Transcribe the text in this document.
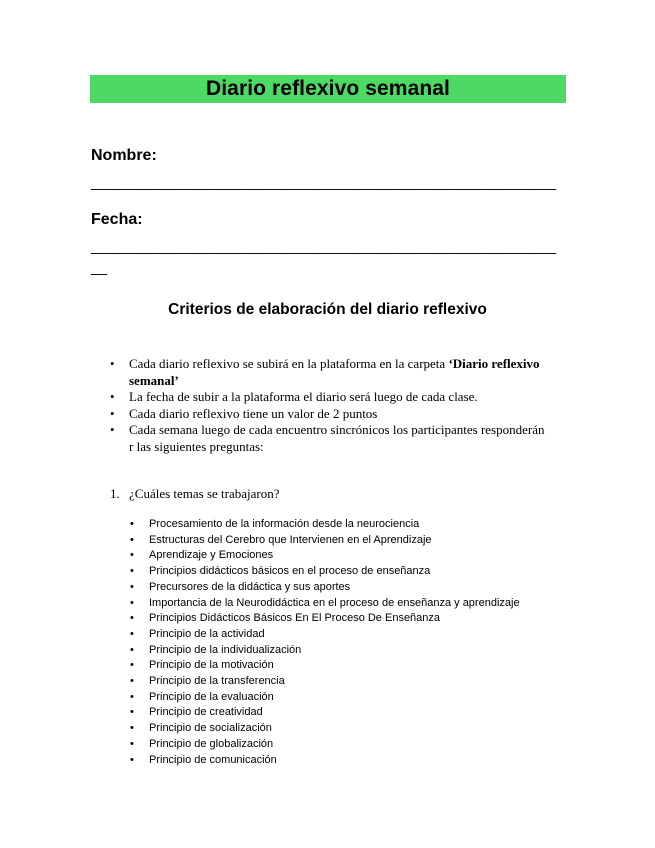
Diario reflexivo semanal
Nombre:
____________________________________________________________
Fecha:
______________________________________________________________
Criterios de elaboración del diario reflexivo
• Cada diario reflexivo se subirá en la plataforma en la carpeta ‘Diario reflexivo semanal’
• La fecha de subir a la plataforma el diario será luego de cada clase.
• Cada diario reflexivo tiene un valor de 2 puntos
• Cada semana luego de cada encuentro sincrónicos los participantes responderán r las siguientes preguntas:
1. ¿Cuáles temas se trabajaron?
• Procesamiento de la información desde la neurociencia
• Estructuras del Cerebro que Intervienen en el Aprendizaje
• Aprendizaje y Emociones
• Principios didácticos básicos en el proceso de enseñanza
• Precursores de la didáctica y sus aportes
• Importancia de la Neurodidáctica en el proceso de enseñanza y aprendizaje
• Principios Didácticos Básicos En El Proceso De Enseñanza
• Principio de la actividad
• Principio de la individualización
• Principio de la motivación
• Principio de la transferencia
• Principio de la evaluación
• Principio de creatividad
• Principio de socialización
• Principio de globalización
• Principio de comunicación
